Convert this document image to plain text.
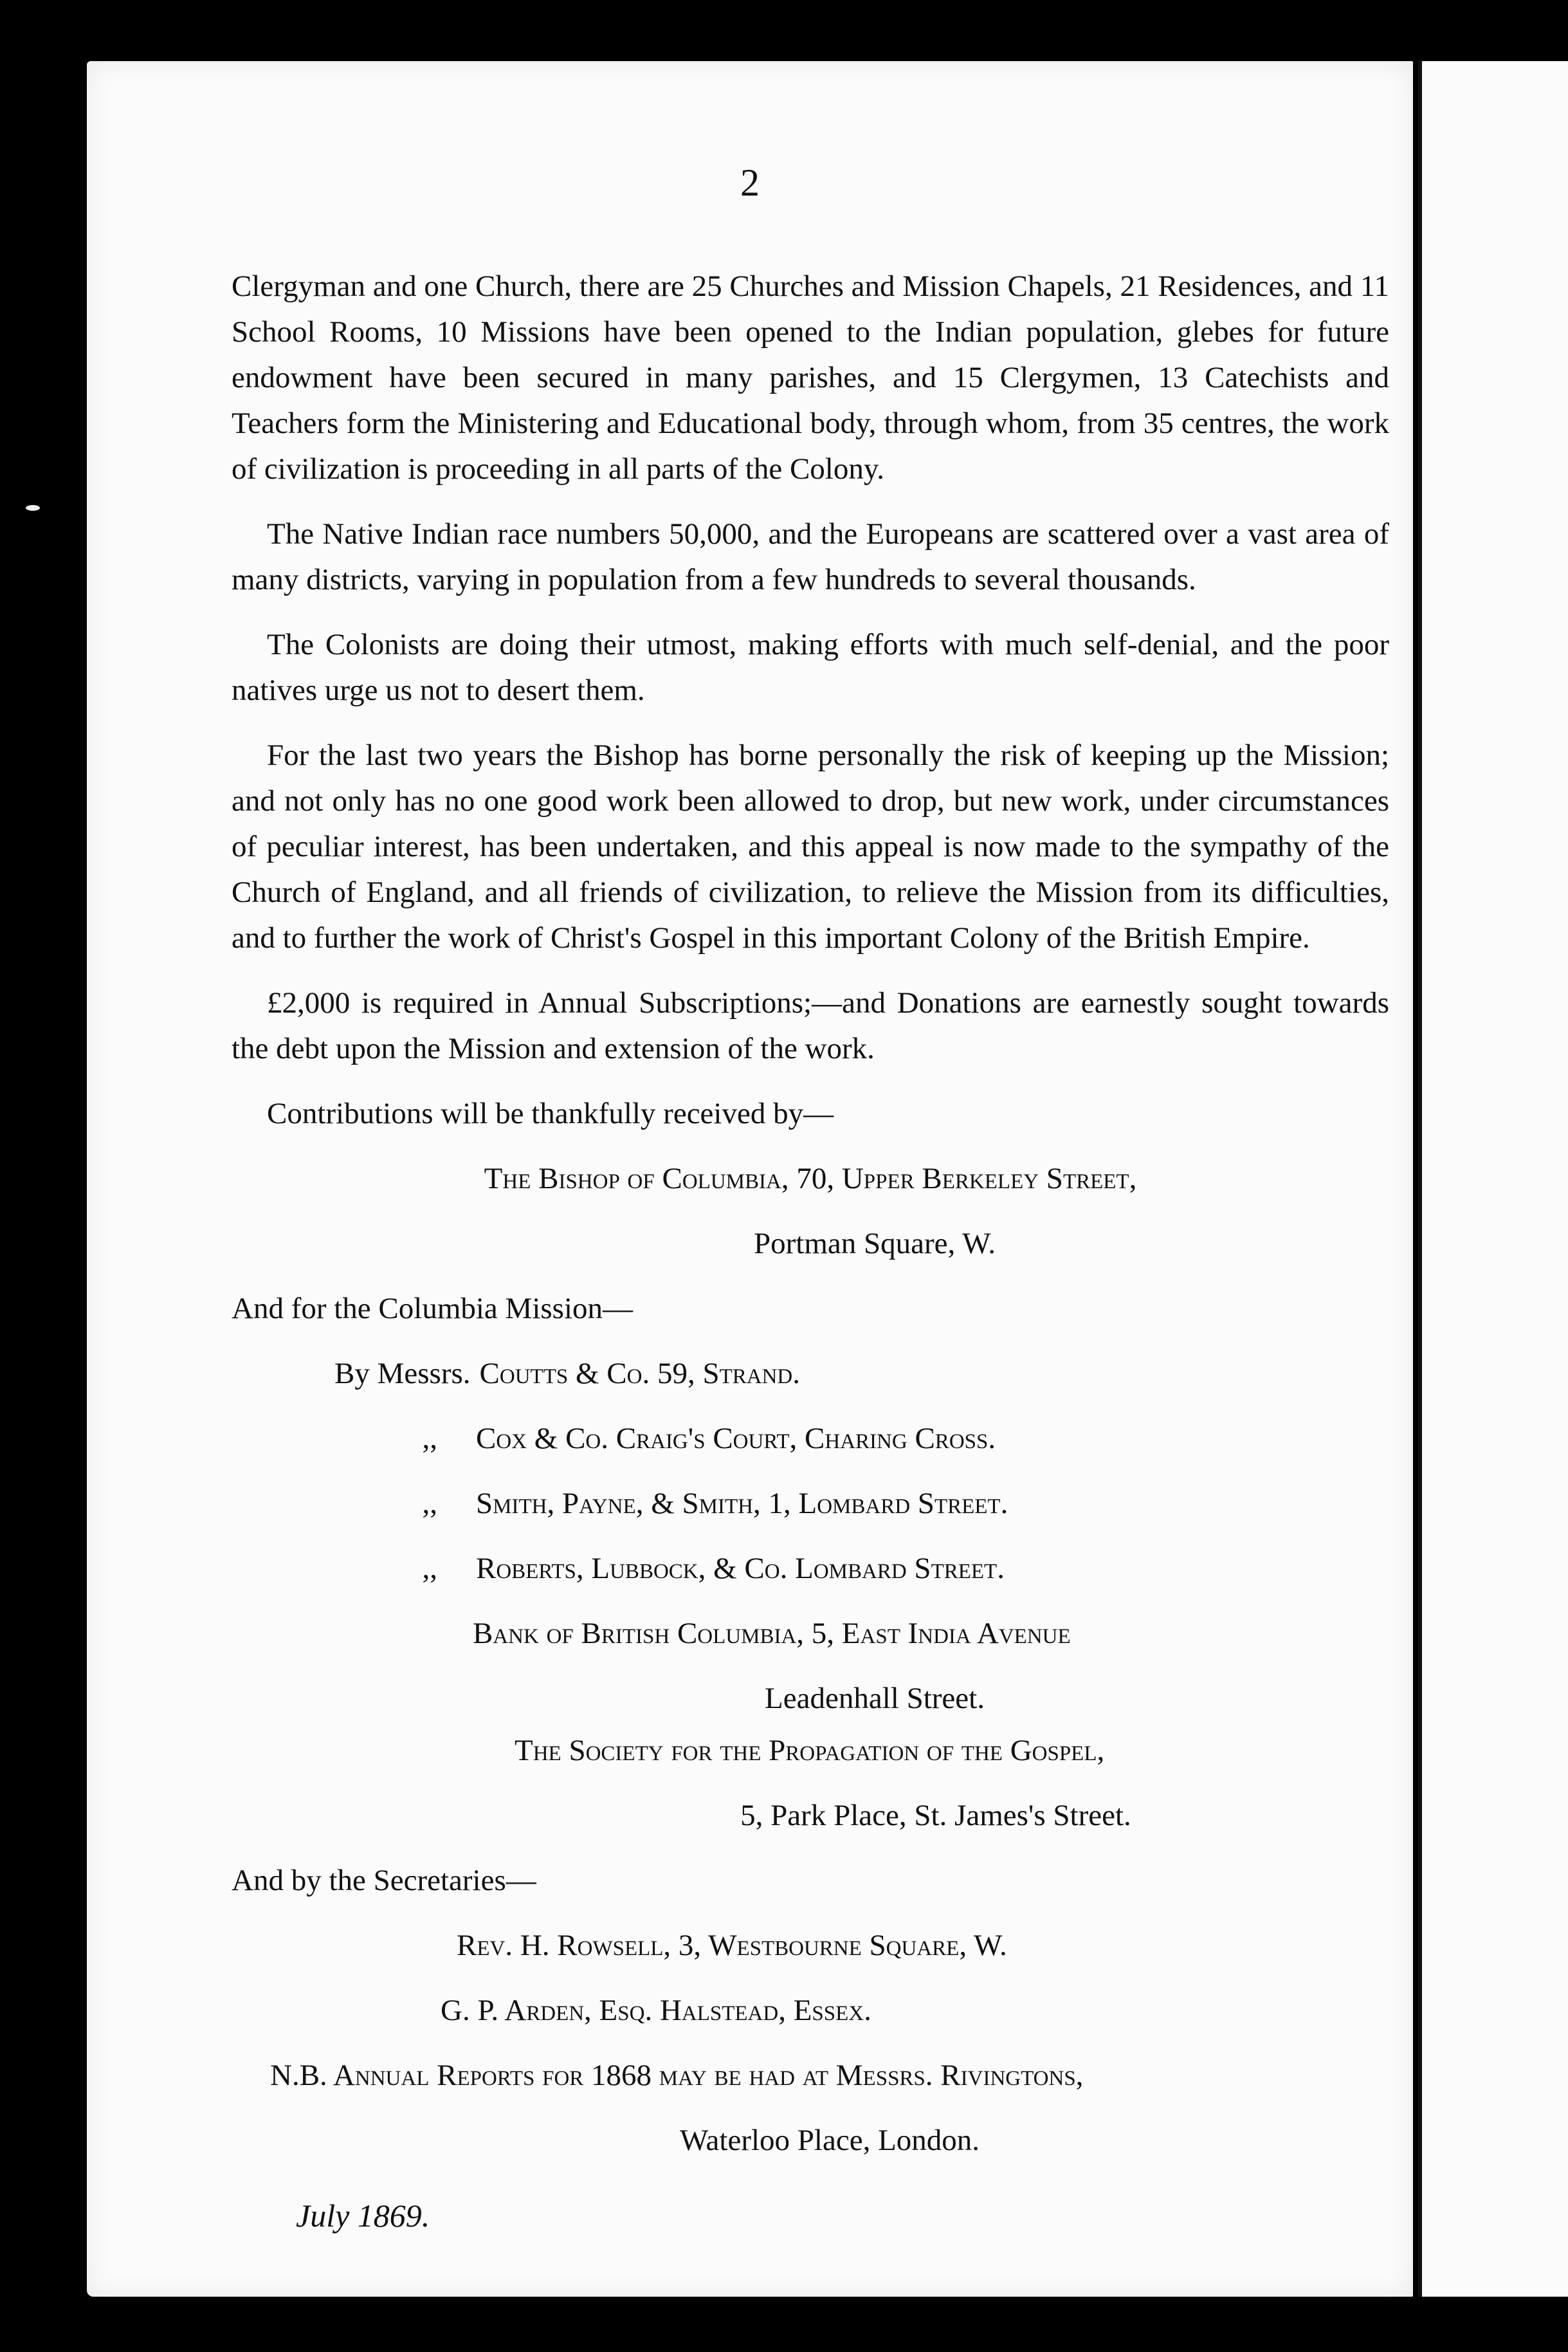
2

Clergyman and one Church, there are 25 Churches and Mission Chapels, 21 Residences, and 11 School Rooms, 10 Missions have been opened to the Indian population, glebes for future endowment have been secured in many parishes, and 15 Clergymen, 13 Catechists and Teachers form the Ministering and Educational body, through whom, from 35 centres, the work of civilization is proceeding in all parts of the Colony.

The Native Indian race numbers 50,000, and the Europeans are scattered over a vast area of many districts, varying in population from a few hundreds to several thousands.

The Colonists are doing their utmost, making efforts with much self-denial, and the poor natives urge us not to desert them.

For the last two years the Bishop has borne personally the risk of keeping up the Mission; and not only has no one good work been allowed to drop, but new work, under circumstances of peculiar interest, has been undertaken, and this appeal is now made to the sympathy of the Church of England, and all friends of civilization, to relieve the Mission from its difficulties, and to further the work of Christ's Gospel in this important Colony of the British Empire.

£2,000 is required in Annual Subscriptions;—and Donations are earnestly sought towards the debt upon the Mission and extension of the work.

Contributions will be thankfully received by—

The Bishop of Columbia, 70, Upper Berkeley Street,

Portman Square, W.

And for the Columbia Mission—

By Messrs. Coutts & Co. 59, Strand.

,,	Cox & Co. Craig's Court, Charing Cross.

,,	Smith, Payne, & Smith, 1, Lombard Street.

,,	Roberts, Lubbock, & Co. Lombard Street.

Bank of British Columbia, 5, East India Avenue

Leadenhall Street.

The Society for the Propagation of the Gospel,

5, Park Place, St. James's Street.

And by the Secretaries—

Rev. H. Rowsell, 3, Westbourne Square, W.

G. P. Arden, Esq. Halstead, Essex.

N.B. Annual Reports for 1868 may be had at Messrs. Rivingtons,

Waterloo Place, London.

July 1869.
